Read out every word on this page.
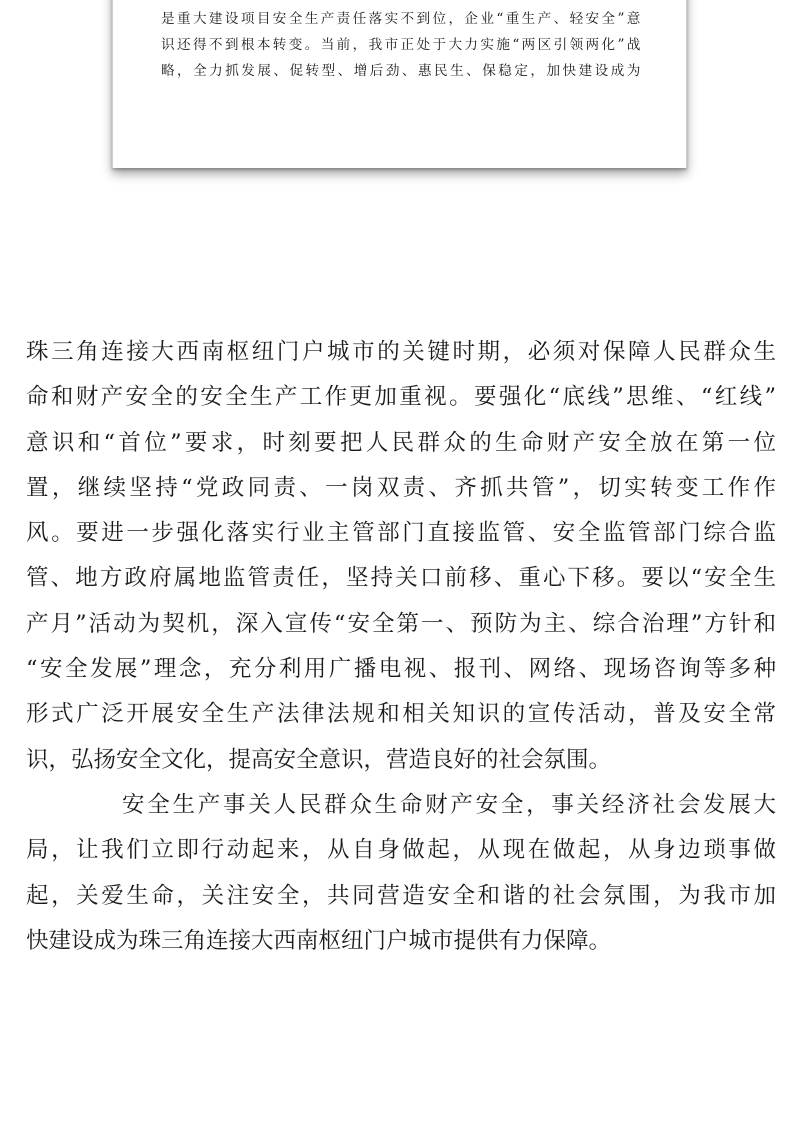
是重大建设项目安全生产责任落实不到位，企业“重生产、轻安全”意
识还得不到根本转变。当前，我市正处于大力实施“两区引领两化”战
略，全力抓发展、促转型、增后劲、惠民生、保稳定，加快建设成为
珠三角连接大西南枢纽门户城市的关键时期，必须对保障人民群众生
命和财产安全的安全生产工作更加重视。要强化“底线”思维、“红线”
意识和“首位”要求，时刻要把人民群众的生命财产安全放在第一位
置，继续坚持“党政同责、一岗双责、齐抓共管”，切实转变工作作
风。要进一步强化落实行业主管部门直接监管、安全监管部门综合监
管、地方政府属地监管责任，坚持关口前移、重心下移。要以“安全生
产月”活动为契机，深入宣传“安全第一、预防为主、综合治理”方针和
“安全发展”理念，充分利用广播电视、报刊、网络、现场咨询等多种
形式广泛开展安全生产法律法规和相关知识的宣传活动，普及安全常
识，弘扬安全文化，提高安全意识，营造良好的社会氛围。
安全生产事关人民群众生命财产安全，事关经济社会发展大
局，让我们立即行动起来，从自身做起，从现在做起，从身边琐事做
起，关爱生命，关注安全，共同营造安全和谐的社会氛围，为我市加
快建设成为珠三角连接大西南枢纽门户城市提供有力保障。
